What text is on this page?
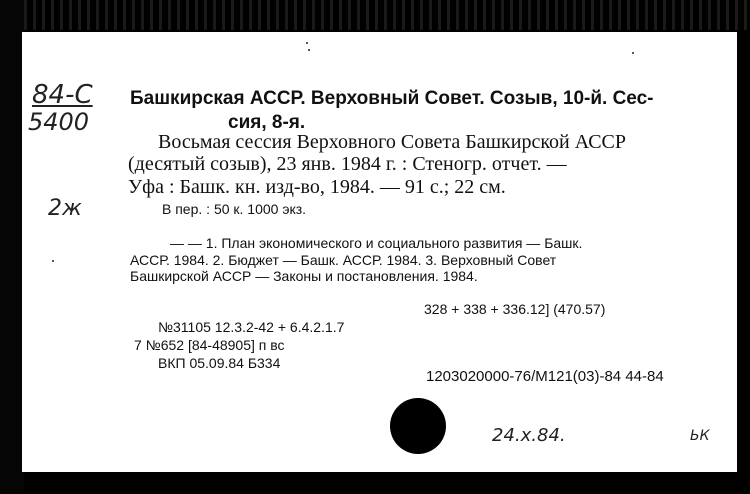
84-С
5400
2ж
Башкирская АССР. Верховный Совет. Созыв, 10-й. Сес-
сия, 8-я.
Восьмая сессия Верховного Совета Башкирской АССР
(десятый созыв), 23 янв. 1984 г. : Стеногр. отчет. —
Уфа : Башк. кн. изд-во, 1984. — 91 с.; 22 см.
В пер. : 50 к. 1000 экз.
— — 1. План экономического и социального развития — Башк.
АССР. 1984. 2. Бюджет — Башк. АССР. 1984. 3. Верховный Совет
Башкирской АССР — Законы и постановления. 1984.
328 + 338 + 336.12] (470.57)
№31105 12.3.2-42 + 6.4.2.1.7
7 №652 [84-48905] п вс
ВКП 05.09.84 Б334
1203020000-76/М121(03)-84 44-84
24.х.84.	ЬК
